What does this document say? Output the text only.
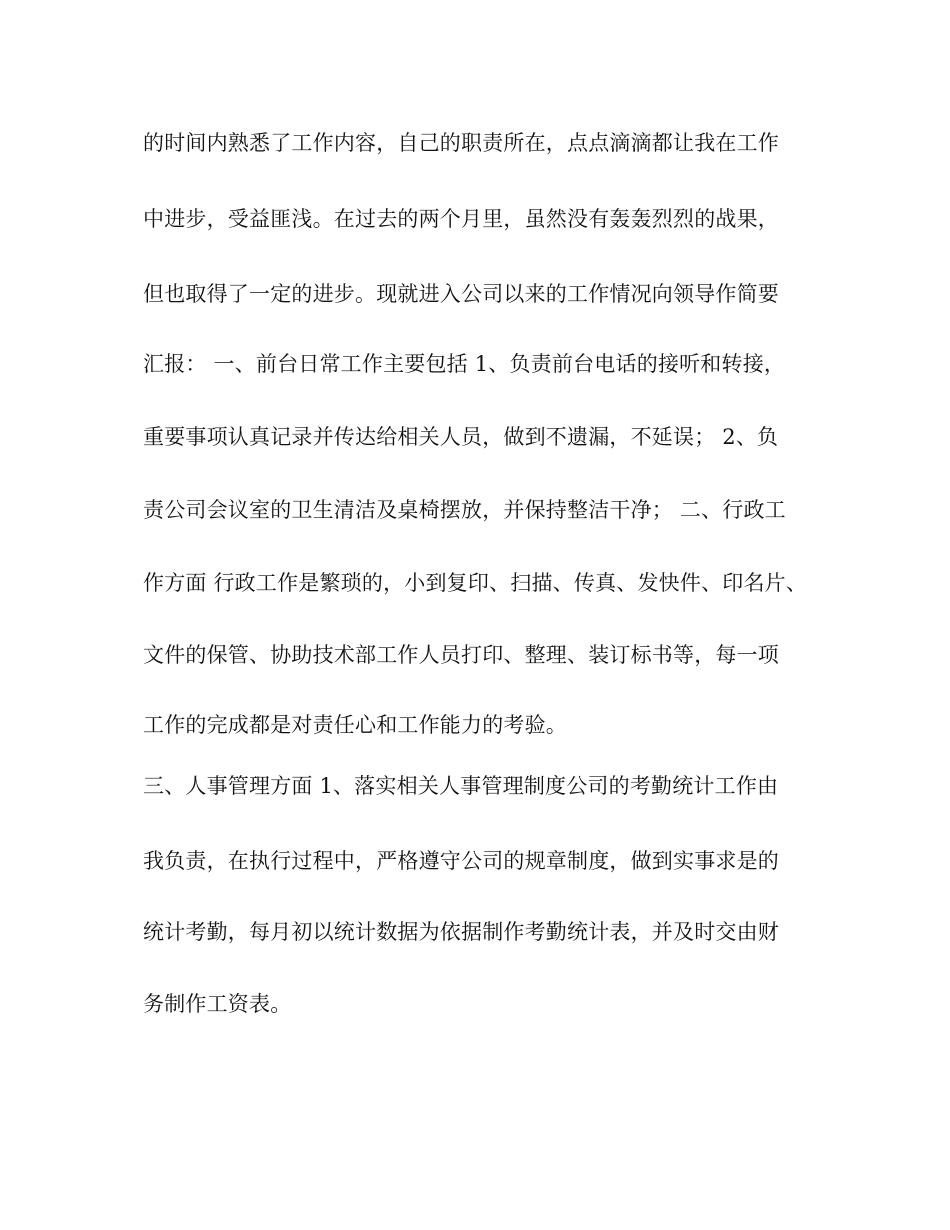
的时间内熟悉了工作内容，自己的职责所在，点点滴滴都让我在工作
中进步，受益匪浅。在过去的两个月里，虽然没有轰轰烈烈的战果，
但也取得了一定的进步。现就进入公司以来的工作情况向领导作简要
汇报： 一、前台日常工作主要包括 1、负责前台电话的接听和转接，
重要事项认真记录并传达给相关人员，做到不遗漏，不延误； 2、负
责公司会议室的卫生清洁及桌椅摆放，并保持整洁干净； 二、行政工
作方面 行政工作是繁琐的，小到复印、扫描、传真、发快件、印名片、
文件的保管、协助技术部工作人员打印、整理、装订标书等，每一项
工作的完成都是对责任心和工作能力的考验。
三、人事管理方面 1、落实相关人事管理制度公司的考勤统计工作由
我负责，在执行过程中，严格遵守公司的规章制度，做到实事求是的
统计考勤，每月初以统计数据为依据制作考勤统计表，并及时交由财
务制作工资表。
